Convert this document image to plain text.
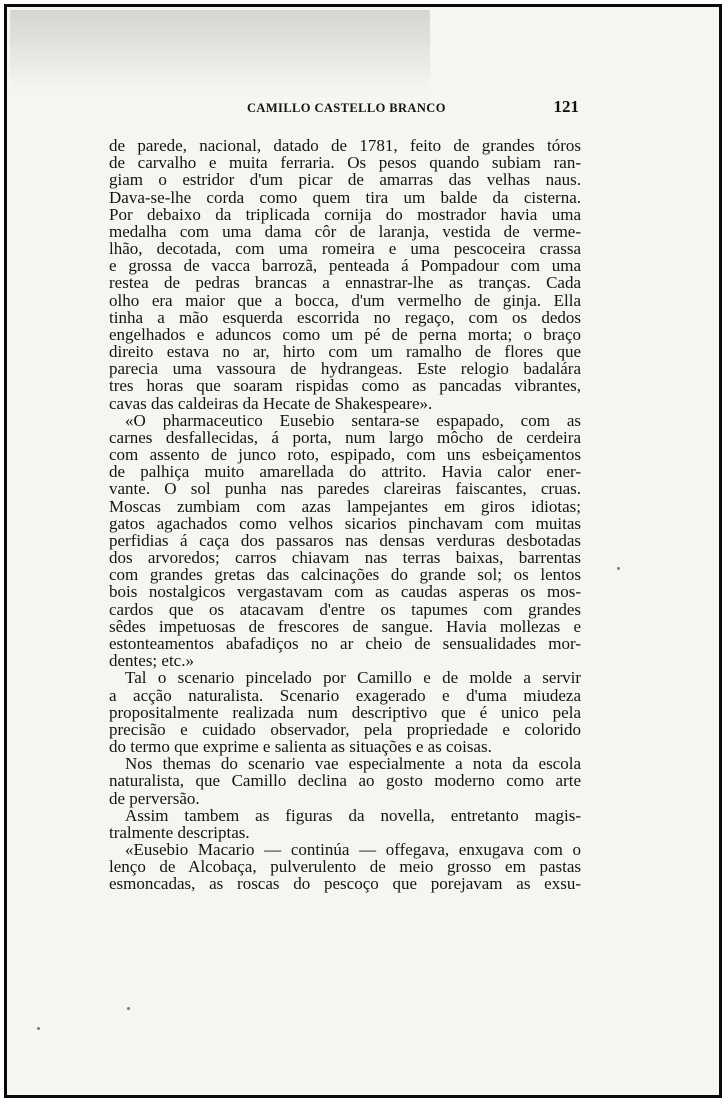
CAMILLO CASTELLO BRANCO	121
de parede, nacional, datado de 1781, feito de grandes tóros
de carvalho e muita ferraria. Os pesos quando subiam ran-
giam o estridor d'um picar de amarras das velhas naus.
Dava-se-lhe corda como quem tira um balde da cisterna.
Por debaixo da triplicada cornija do mostrador havia uma
medalha com uma dama côr de laranja, vestida de verme-
lhão, decotada, com uma romeira e uma pescoceira crassa
e grossa de vacca barrozã, penteada á Pompadour com uma
restea de pedras brancas a ennastrar-lhe as tranças. Cada
olho era maior que a bocca, d'um vermelho de ginja. Ella
tinha a mão esquerda escorrida no regaço, com os dedos
engelhados e aduncos como um pé de perna morta; o braço
direito estava no ar, hirto com um ramalho de flores que
parecia uma vassoura de hydrangeas. Este relogio badalára
tres horas que soaram rispidas como as pancadas vibrantes,
cavas das caldeiras da Hecate de Shakespeare».
«O pharmaceutico Eusebio sentara-se espapado, com as
carnes desfallecidas, á porta, num largo môcho de cerdeira
com assento de junco roto, espipado, com uns esbeiçamentos
de palhiça muito amarellada do attrito. Havia calor ener-
vante. O sol punha nas paredes clareiras faiscantes, cruas.
Moscas zumbiam com azas lampejantes em giros idiotas;
gatos agachados como velhos sicarios pinchavam com muitas
perfidias á caça dos passaros nas densas verduras desbotadas
dos arvoredos; carros chiavam nas terras baixas, barrentas
com grandes gretas das calcinações do grande sol; os lentos
bois nostalgicos vergastavam com as caudas asperas os mos-
cardos que os atacavam d'entre os tapumes com grandes
sêdes impetuosas de frescores de sangue. Havia mollezas e
estonteamentos abafadiços no ar cheio de sensualidades mor-
dentes; etc.»
Tal o scenario pincelado por Camillo e de molde a servir
a acção naturalista. Scenario exagerado e d'uma miudeza
propositalmente realizada num descriptivo que é unico pela
precisão e cuidado observador, pela propriedade e colorido
do termo que exprime e salienta as situações e as coisas.
Nos themas do scenario vae especialmente a nota da escola
naturalista, que Camillo declina ao gosto moderno como arte
de perversão.
Assim tambem as figuras da novella, entretanto magis-
tralmente descriptas.
«Eusebio Macario — continúa — offegava, enxugava com o
lenço de Alcobaça, pulverulento de meio grosso em pastas
esmoncadas, as roscas do pescoço que porejavam as exsu-
